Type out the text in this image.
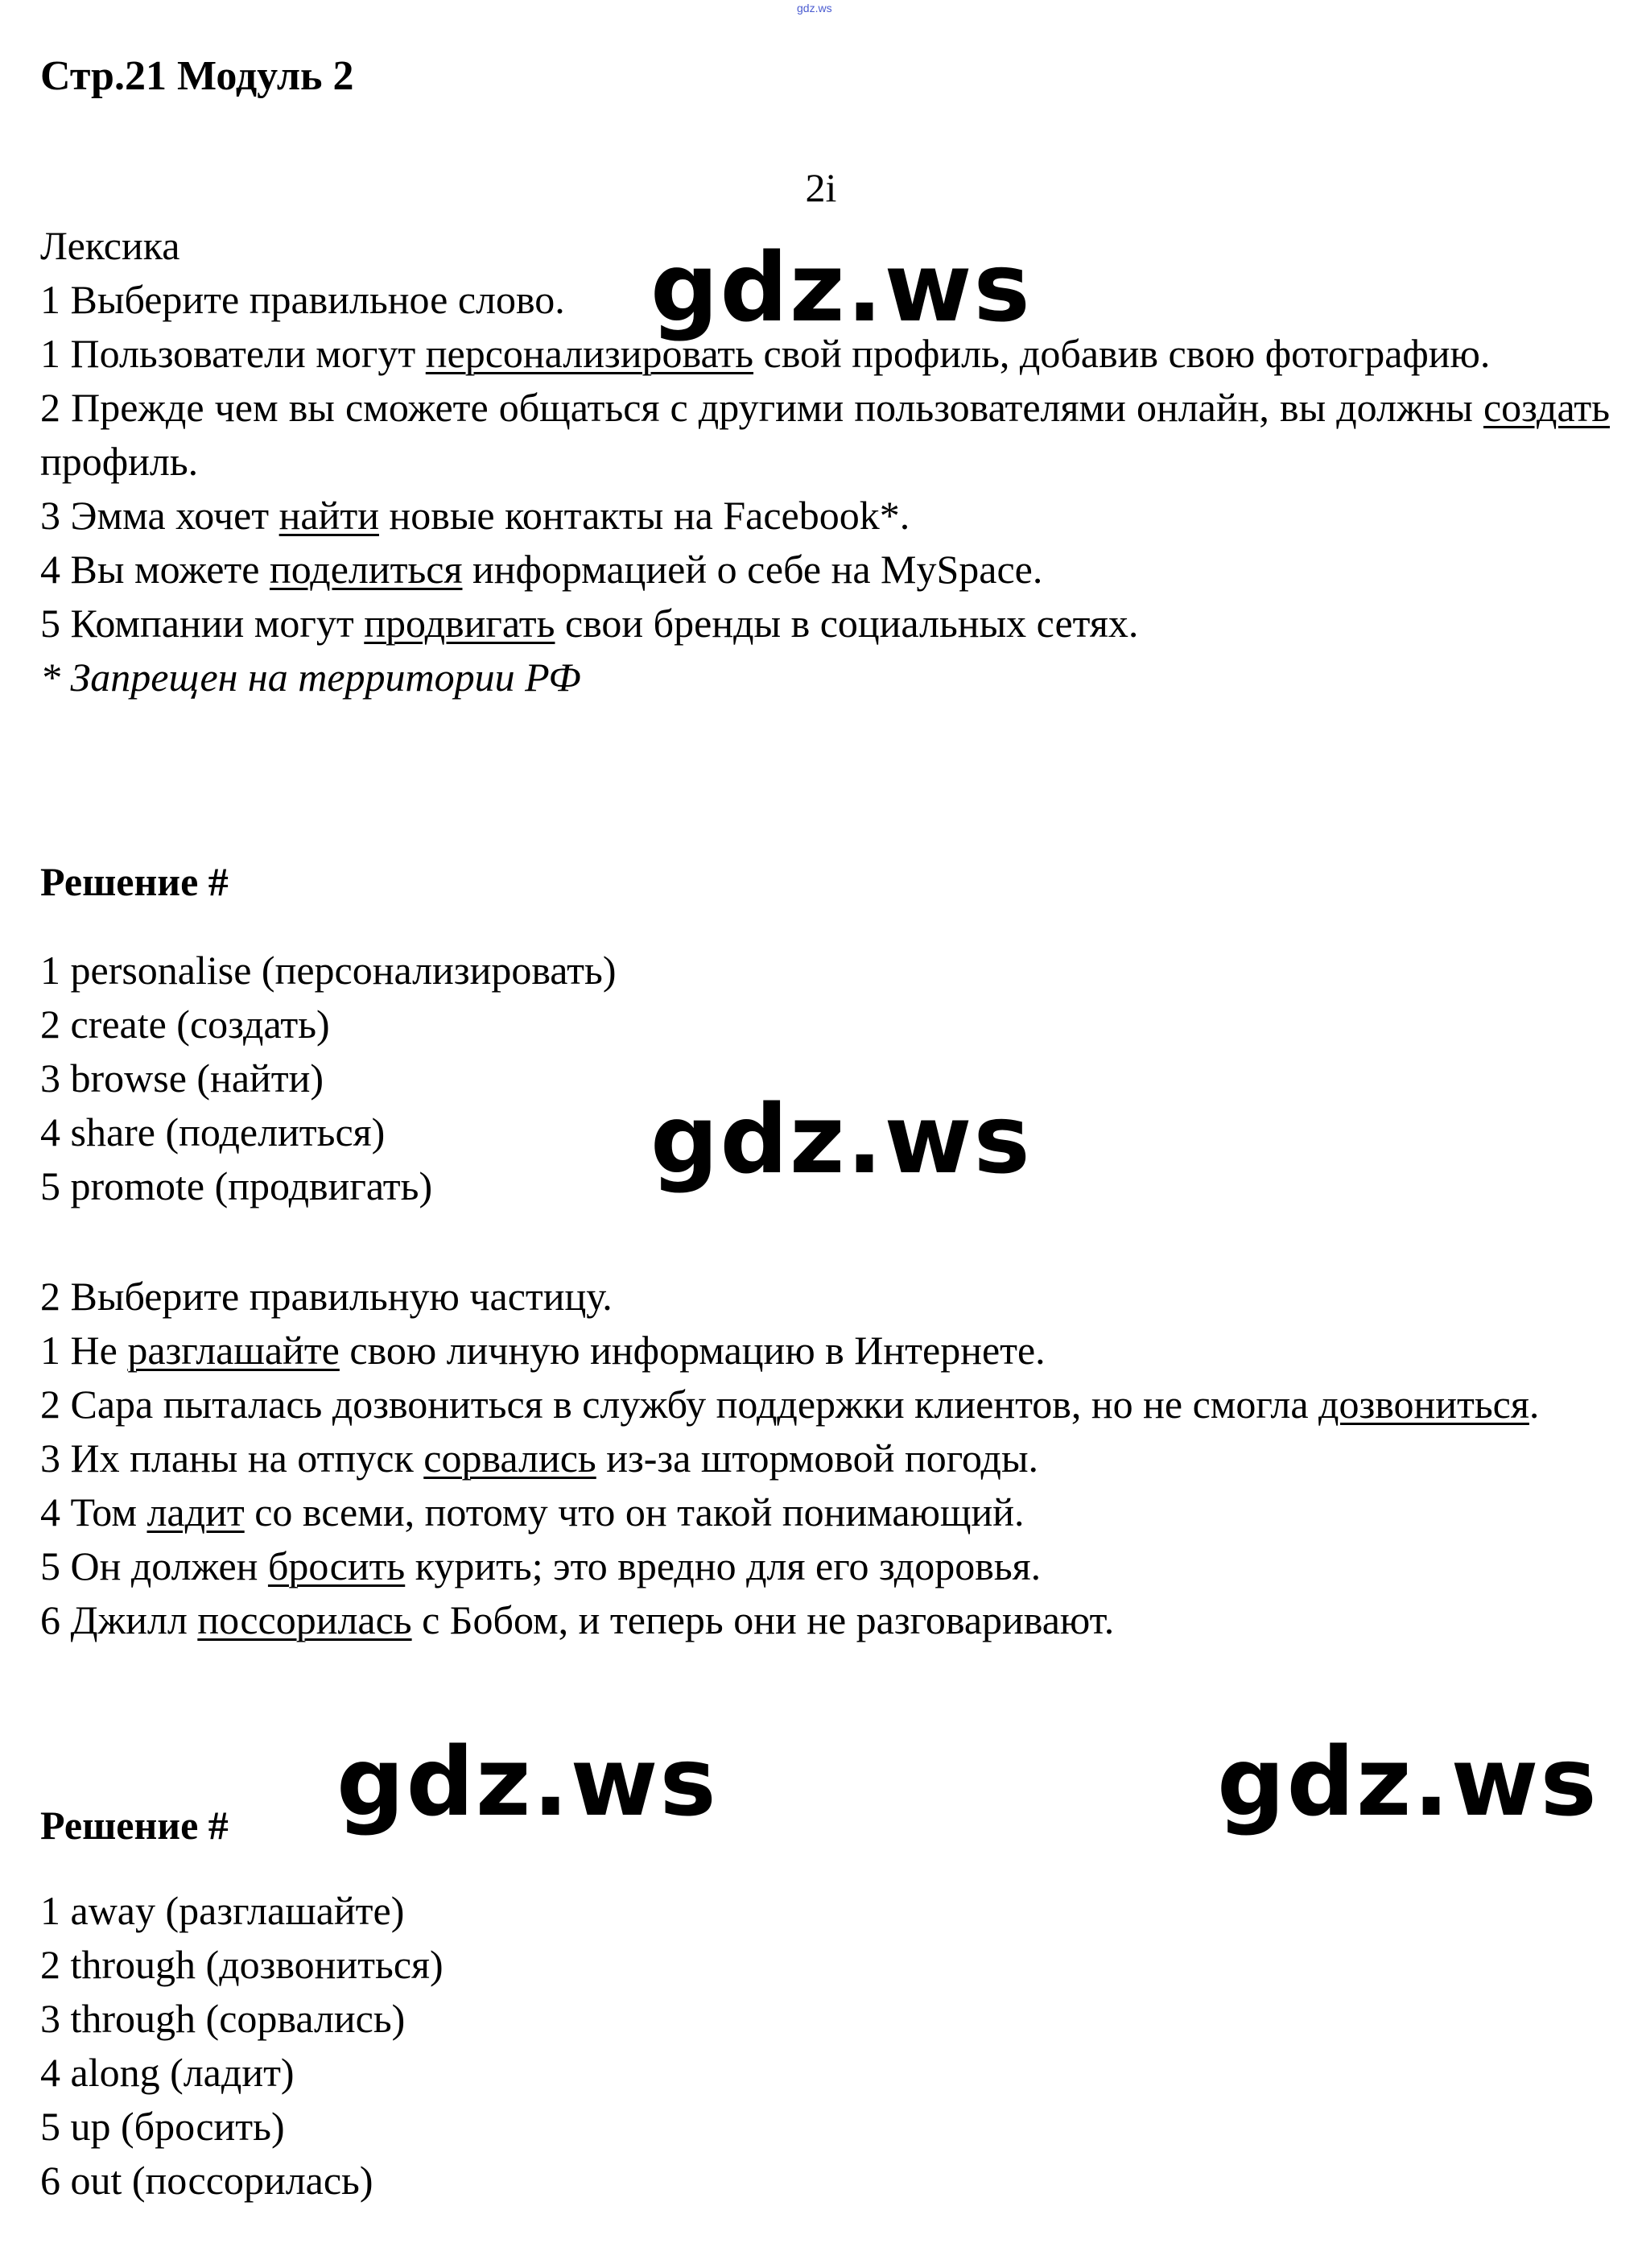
gdz.ws
Стр.21 Модуль 2
2i
Лексика
1 Выберите правильное слово.
1 Пользователи могут персонализировать свой профиль, добавив свою фотографию.
2 Прежде чем вы сможете общаться с другими пользователями онлайн, вы должны создать профиль.
3 Эмма хочет найти новые контакты на Facebook*.
4 Вы можете поделиться информацией о себе на MySpace.
5 Компании могут продвигать свои бренды в социальных сетях.
* Запрещен на территории РФ
gdz.ws
Решение #
1 personalise (персонализировать)
2 create (создать)
3 browse (найти)
4 share (поделиться)
5 promote (продвигать)	gdz.ws
2 Выберите правильную частицу.
1 Не разглашайте свою личную информацию в Интернете.
2 Сара пыталась дозвониться в службу поддержки клиентов, но не смогла дозвониться.
3 Их планы на отпуск сорвались из-за штормовой погоды.
4 Том ладит со всеми, потому что он такой понимающий.
5 Он должен бросить курить; это вредно для его здоровья.
6 Джилл поссорилась с Бобом, и теперь они не разговаривают.
Решение # gdz.ws	gdz.ws
1 away (разглашайте)
2 through (дозвониться)
3 through (сорвались)
4 along (ладит)
5 up (бросить)
6 out (поссорилась)
